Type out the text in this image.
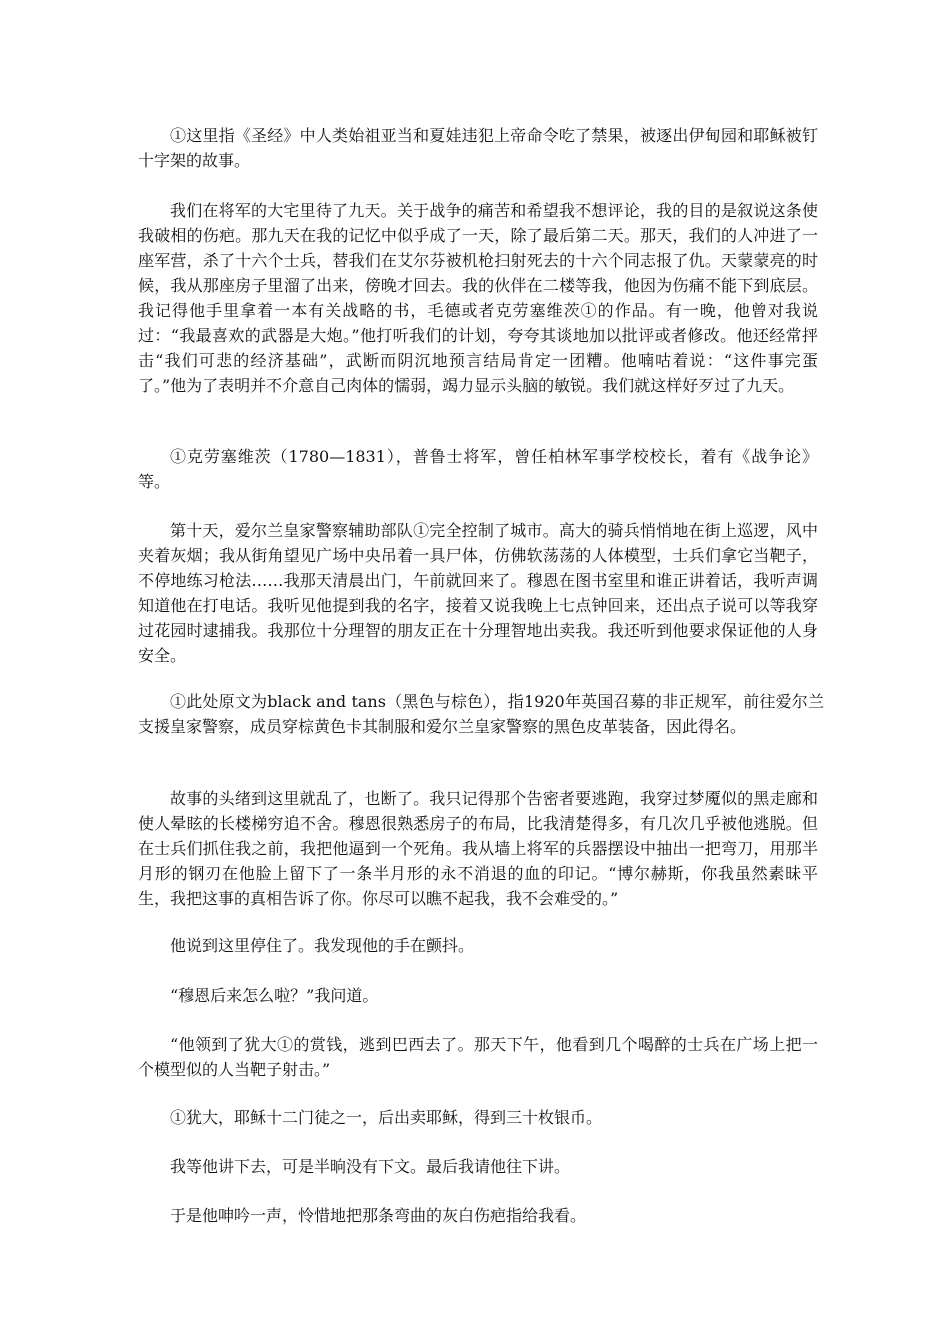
①这里指《圣经》中人类始祖亚当和夏娃违犯上帝命令吃了禁果，被逐出伊甸园和耶稣被钉十字架的故事。

我们在将军的大宅里待了九天。关于战争的痛苦和希望我不想评论，我的目的是叙说这条使我破相的伤疤。那九天在我的记忆中似乎成了一天，除了最后第二天。那天，我们的人冲进了一座军营，杀了十六个士兵，替我们在艾尔芬被机枪扫射死去的十六个同志报了仇。天蒙蒙亮的时候，我从那座房子里溜了出来，傍晚才回去。我的伙伴在二楼等我，他因为伤痛不能下到底层。我记得他手里拿着一本有关战略的书，毛德或者克劳塞维茨①的作品。有一晚，他曾对我说过：“我最喜欢的武器是大炮。”他打听我们的计划，夸夸其谈地加以批评或者修改。他还经常抨击“我们可悲的经济基础”，武断而阴沉地预言结局肯定一团糟。他喃咕着说：“这件事完蛋了。”他为了表明并不介意自己肉体的懦弱，竭力显示头脑的敏锐。我们就这样好歹过了九天。

①克劳塞维茨（1780—1831），普鲁士将军，曾任柏林军事学校校长，着有《战争论》等。

第十天，爱尔兰皇家警察辅助部队①完全控制了城市。高大的骑兵悄悄地在街上巡逻，风中夹着灰烟；我从街角望见广场中央吊着一具尸体，仿佛软荡荡的人体模型，士兵们拿它当靶子，不停地练习枪法……我那天清晨出门，午前就回来了。穆恩在图书室里和谁正讲着话，我听声调知道他在打电话。我听见他提到我的名字，接着又说我晚上七点钟回来，还出点子说可以等我穿过花园时逮捕我。我那位十分理智的朋友正在十分理智地出卖我。我还听到他要求保证他的人身安全。

①此处原文为black and tans（黑色与棕色），指1920年英国召募的非正规军，前往爱尔兰支援皇家警察，成员穿棕黄色卡其制服和爱尔兰皇家警察的黑色皮革装备，因此得名。

故事的头绪到这里就乱了，也断了。我只记得那个告密者要逃跑，我穿过梦魇似的黑走廊和使人晕眩的长楼梯穷追不舍。穆恩很熟悉房子的布局，比我清楚得多，有几次几乎被他逃脱。但在士兵们抓住我之前，我把他逼到一个死角。我从墙上将军的兵器摆设中抽出一把弯刀，用那半月形的钢刃在他脸上留下了一条半月形的永不消退的血的印记。“博尔赫斯，你我虽然素昧平生，我把这事的真相告诉了你。你尽可以瞧不起我，我不会难受的。”

他说到这里停住了。我发现他的手在颤抖。

“穆恩后来怎么啦？”我问道。

“他领到了犹大①的赏钱，逃到巴西去了。那天下午，他看到几个喝醉的士兵在广场上把一个模型似的人当靶子射击。”

①犹大，耶稣十二门徒之一，后出卖耶稣，得到三十枚银币。

我等他讲下去，可是半晌没有下文。最后我请他往下讲。

于是他呻吟一声，怜惜地把那条弯曲的灰白伤疤指给我看。
